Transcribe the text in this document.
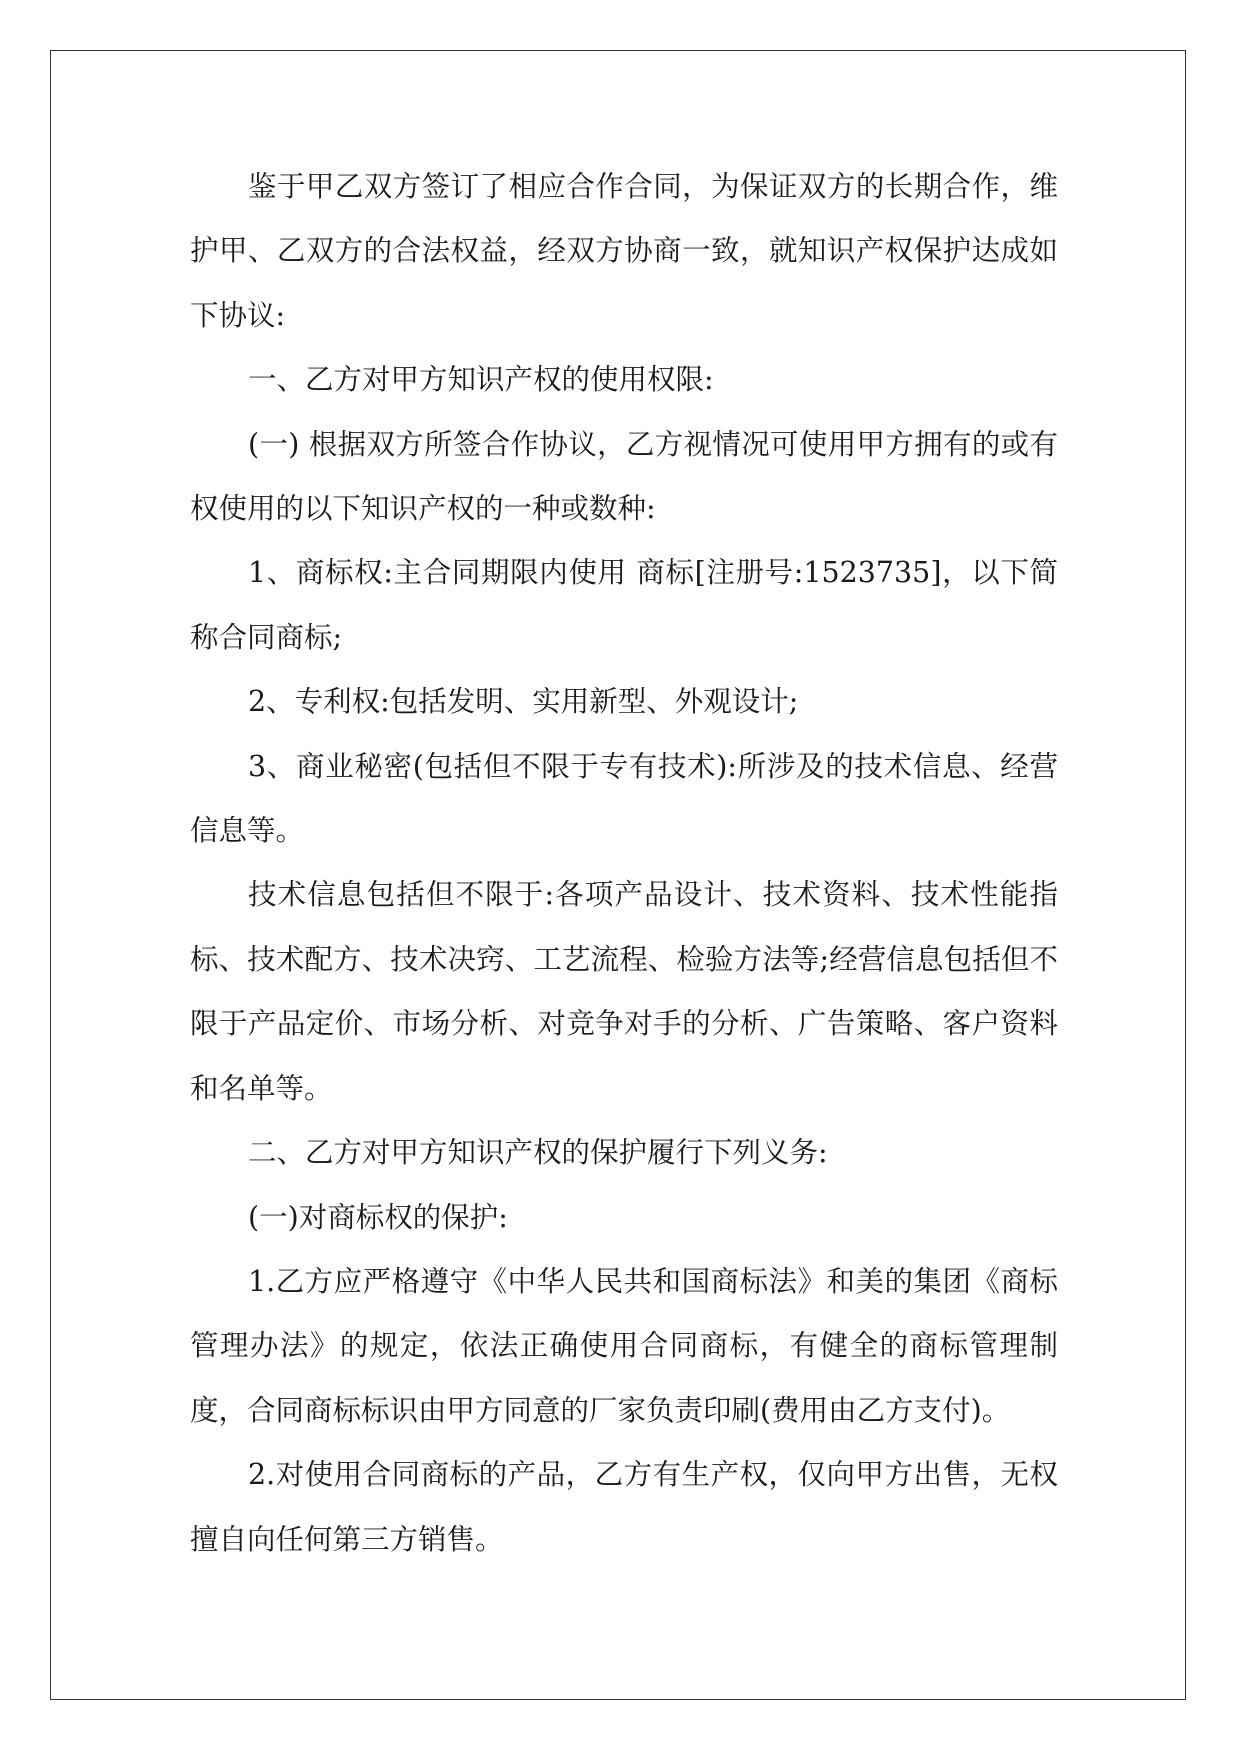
鉴于甲乙双方签订了相应合作合同，为保证双方的长期合作，维护甲、乙双方的合法权益，经双方协商一致，就知识产权保护达成如下协议:

一、乙方对甲方知识产权的使用权限:

(一) 根据双方所签合作协议，乙方视情况可使用甲方拥有的或有权使用的以下知识产权的一种或数种:

1、商标权:主合同期限内使用 商标[注册号:1523735]，以下简称合同商标;

2、专利权:包括发明、实用新型、外观设计;

3、商业秘密(包括但不限于专有技术):所涉及的技术信息、经营信息等。

技术信息包括但不限于:各项产品设计、技术资料、技术性能指标、技术配方、技术决窍、工艺流程、检验方法等;经营信息包括但不限于产品定价、市场分析、对竞争对手的分析、广告策略、客户资料和名单等。

二、乙方对甲方知识产权的保护履行下列义务:

(一)对商标权的保护:

1.乙方应严格遵守《中华人民共和国商标法》和美的集团《商标管理办法》的规定，依法正确使用合同商标，有健全的商标管理制度，合同商标标识由甲方同意的厂家负责印刷(费用由乙方支付)。

2.对使用合同商标的产品，乙方有生产权，仅向甲方出售，无权擅自向任何第三方销售。
